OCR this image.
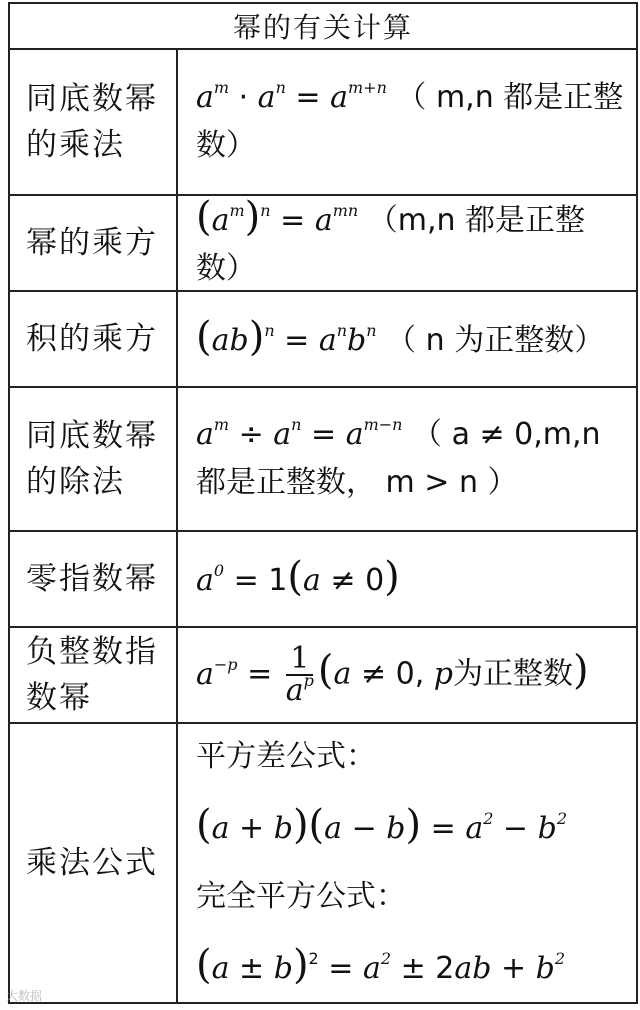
幂的有关计算
同底数幂的乘法
$a^m \cdot a^n = a^{m+n}$ （ m,n 都是正整数）
幂的乘方
$(a^m)^n = a^{mn}$ （m,n 都是正整数）
积的乘方 $(ab)^n = a^nb^n$ （ n 为正整数）
同底数幂的除法
$a^m \div a^n = a^{m-n}$ （ a ≠ 0,m,n 都是正整数， m > n ）
零指数幂	$a^0 = 1(a \ne 0)$
负整数指数幂
$a^{-p} = \frac{1}{a^p} (a \ne 0$, p为正整数)
乘法公式
平方差公式：
$(a + b)(a - b) = a^2 - b^2$
完全平方公式：
$(a \pm b)^2 = a^2 \pm 2ab + b^2$
大数据
